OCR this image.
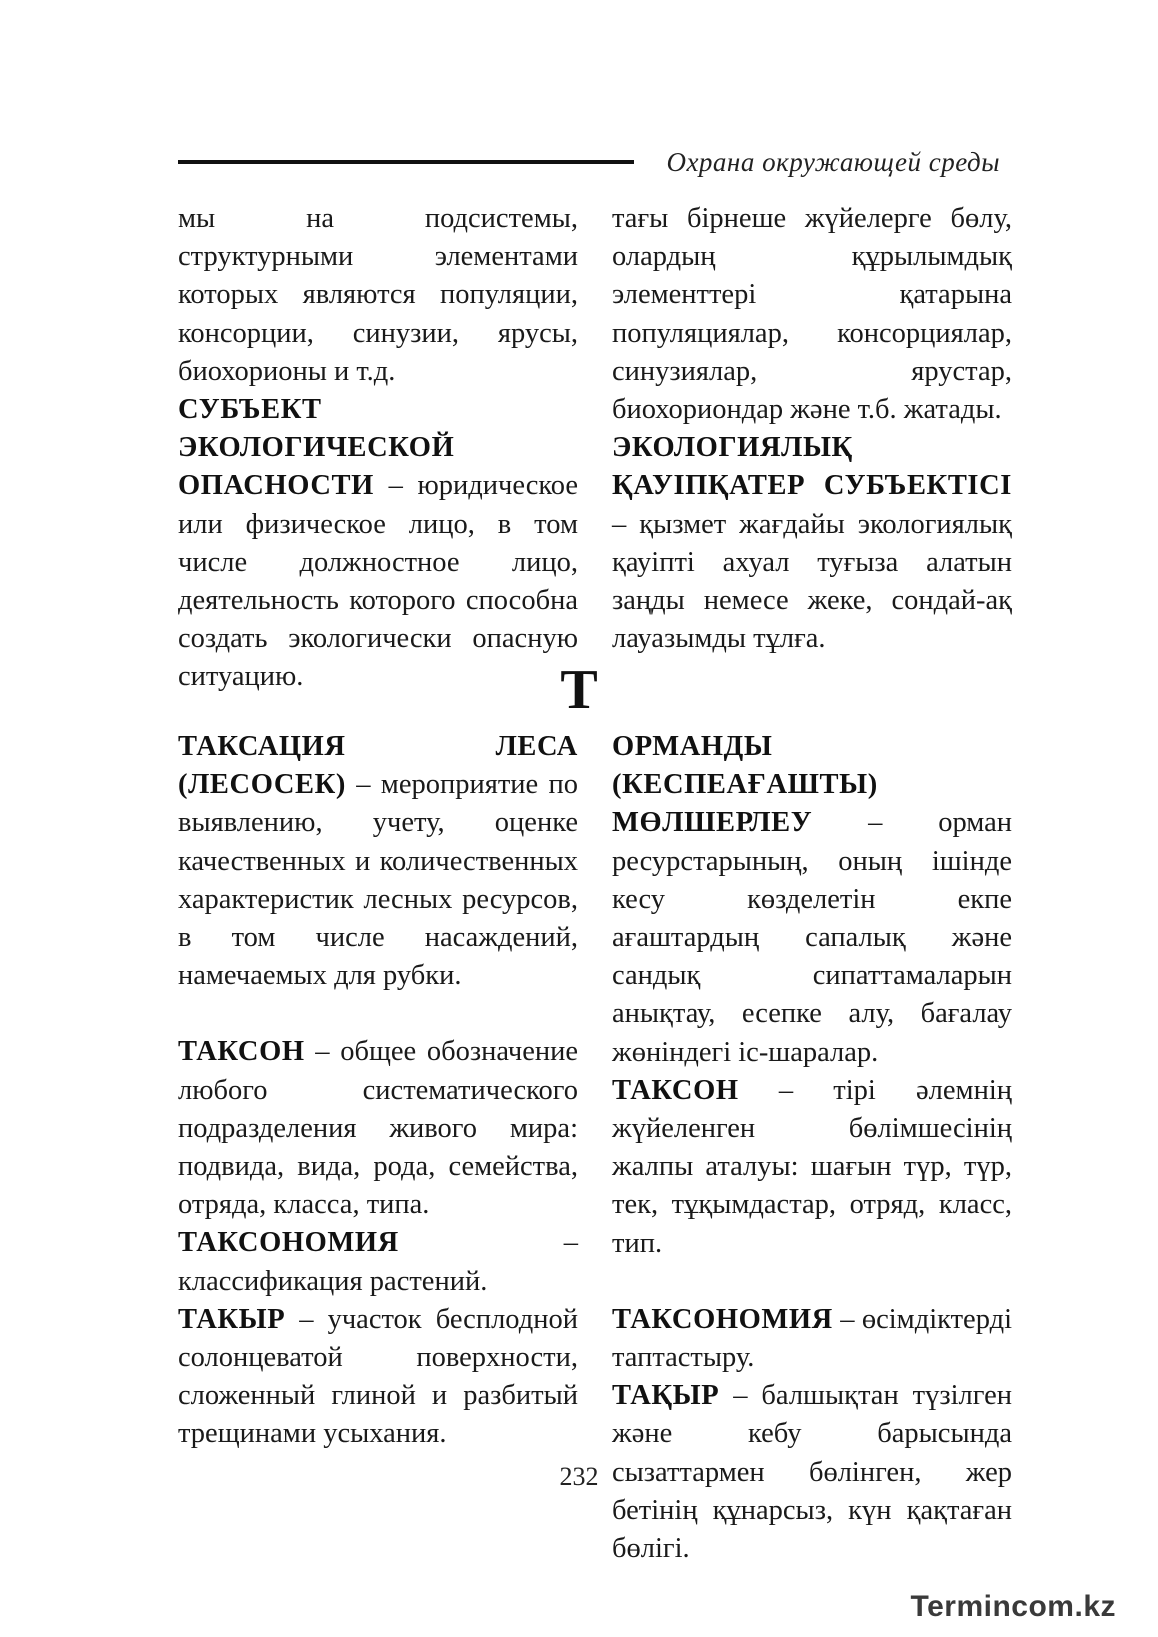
Охрана окружающей среды

мы на подсистемы, структурными элементами которых являются популяции, консорции, синузии, ярусы, биохорионы и т.д.

СУБЪЕКТ ЭКОЛОГИЧЕСКОЙ ОПАСНОСТИ – юридическое или физическое лицо, в том числе должностное лицо, деятельность которого способна создать экологически опасную ситуацию.

тағы бірнеше жүйелерге бөлу, олардың құрылымдық элементтері қатарына популяциялар, консорциялар, синузиялар, ярустар, биохориондар және т.б. жатады.

ЭКОЛОГИЯЛЫҚ ҚАУІПҚАТЕР СУБЪЕКТІСІ – қызмет жағдайы экологиялық қауіпті ахуал туғыза алатын заңды немесе жеке, сондай-ақ лауазымды тұлға.

Т

ТАКСАЦИЯ ЛЕСА (ЛЕСОСЕК) – мероприятие по выявлению, учету, оценке качественных и количественных характеристик лесных ресурсов, в том числе насаждений, намечаемых для рубки.

ТАКСОН – общее обозначение любого систематического подразделения живого мира: подвида, вида, рода, семейства, отряда, класса, типа.

ТАКСОНОМИЯ – классификация растений.

ТАКЫР – участок бесплодной солонцеватой поверхности, сложенный глиной и разбитый трещинами усыхания.

ОРМАНДЫ (КЕСПЕАҒАШТЫ) МӨЛШЕРЛЕУ – орман ресурстарының, оның ішінде кесу көзделетін екпе ағаштардың сапалық және сандық сипаттамаларын анықтау, есепке алу, бағалау жөніндегі іс-шаралар.

ТАКСОН – тірі әлемнің жүйеленген бөлімшесінің жалпы аталуы: шағын түр, түр, тек, тұқымдастар, отряд, класс, тип.

ТАКСОНОМИЯ – өсімдіктерді таптастыру.

ТАҚЫР – балшықтан түзілген және кебу барысында сызаттармен бөлінген, жер бетінің құнарсыз, күн қақтаған бөлігі.

232
Termincom.kz
